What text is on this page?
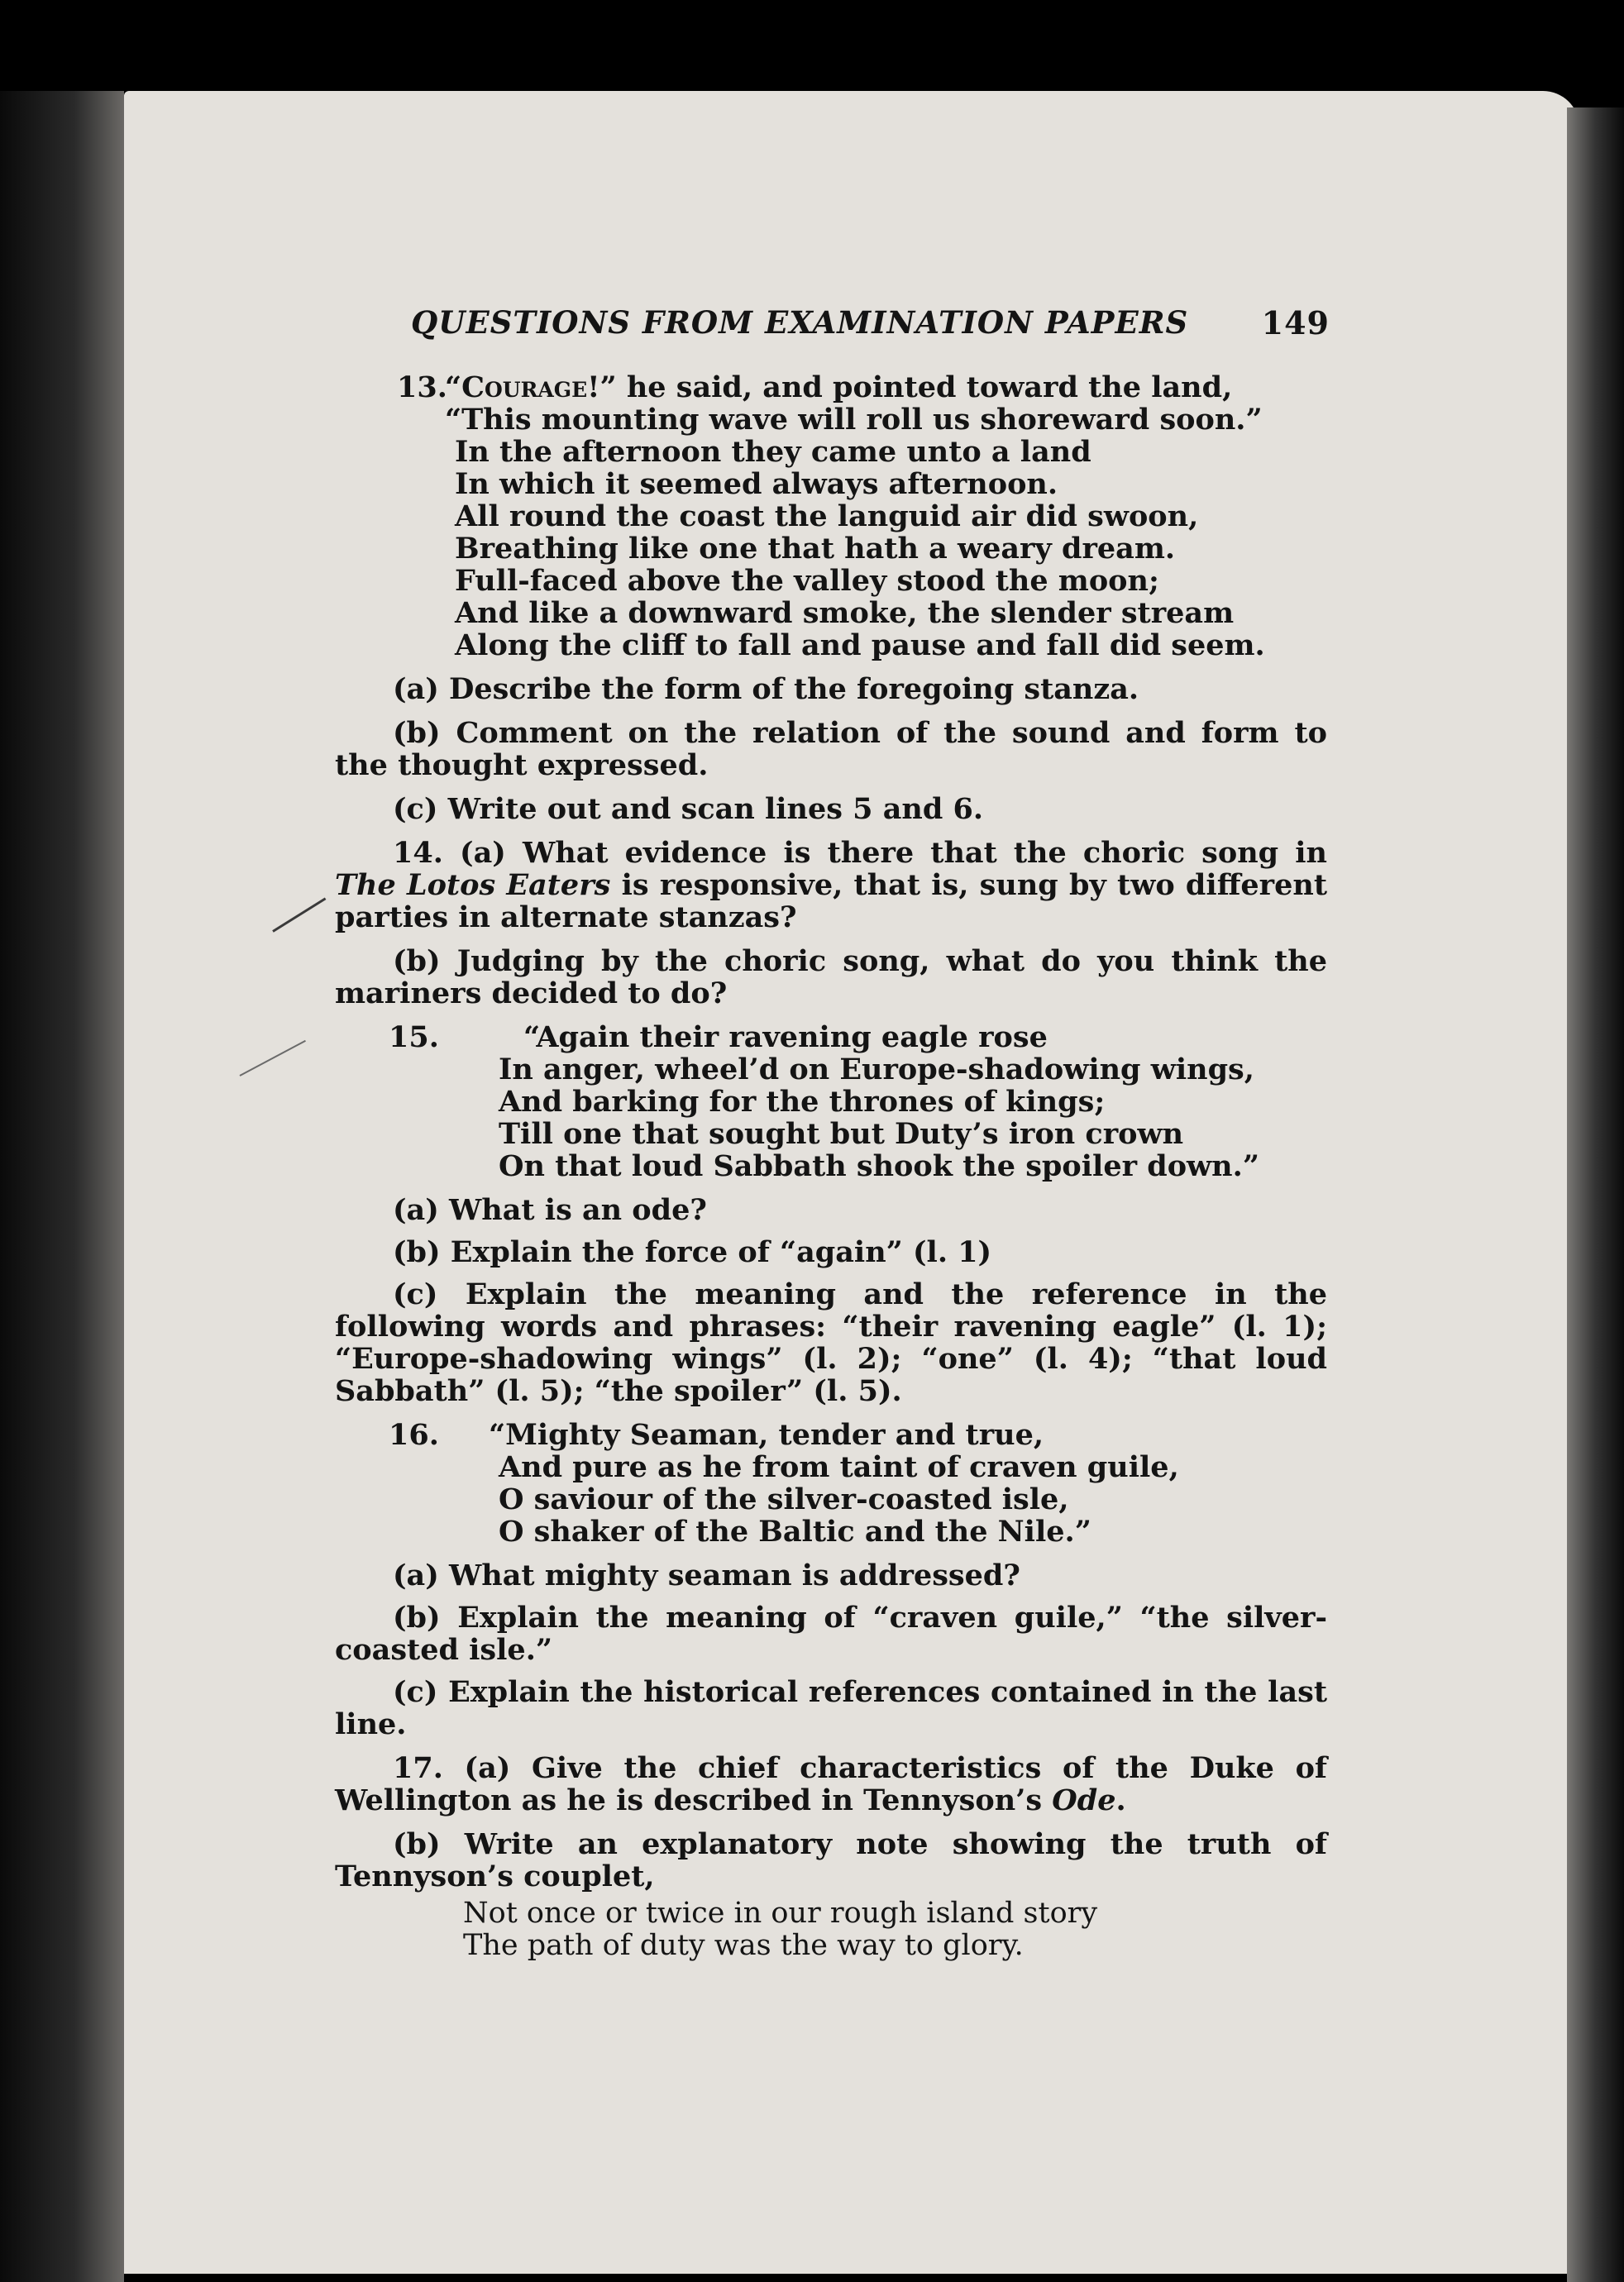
QUESTIONS FROM EXAMINATION PAPERS 149
13.
“Courage!” he said, and pointed toward the land,
“This mounting wave will roll us shoreward soon.”
In the afternoon they came unto a land
In which it seemed always afternoon.
All round the coast the languid air did swoon,
Breathing like one that hath a weary dream.
Full-faced above the valley stood the moon;
And like a downward smoke, the slender stream
Along the cliff to fall and pause and fall did seem.

(a) Describe the form of the foregoing stanza.

(b) Comment on the relation of the sound and form to the thought expressed.

(c) Write out and scan lines 5 and 6.

14. (a) What evidence is there that the choric song in The Lotos Eaters is responsive, that is, sung by two different parties in alternate stanzas?

(b) Judging by the choric song, what do you think the mariners decided to do?

15.	“Again their ravening eagle rose
In anger, wheel’d on Europe-shadowing wings,
And barking for the thrones of kings;
Till one that sought but Duty’s iron crown
On that loud Sabbath shook the spoiler down.”

(a) What is an ode?

(b) Explain the force of “again” (l. 1)

(c) Explain the meaning and the reference in the following words and phrases: “their ravening eagle” (l. 1); “Europe-shadowing wings” (l. 2); “one” (l. 4); “that loud Sabbath” (l. 5); “the spoiler” (l. 5).

16. “Mighty Seaman, tender and true,
And pure as he from taint of craven guile,
O saviour of the silver-coasted isle,
O shaker of the Baltic and the Nile.”

(a) What mighty seaman is addressed?

(b) Explain the meaning of “craven guile,” “the silver-coasted isle.”

(c) Explain the historical references contained in the last line.

17. (a) Give the chief characteristics of the Duke of Wellington as he is described in Tennyson’s Ode.

(b) Write an explanatory note showing the truth of Tennyson’s couplet,

Not once or twice in our rough island story
The path of duty was the way to glory.
